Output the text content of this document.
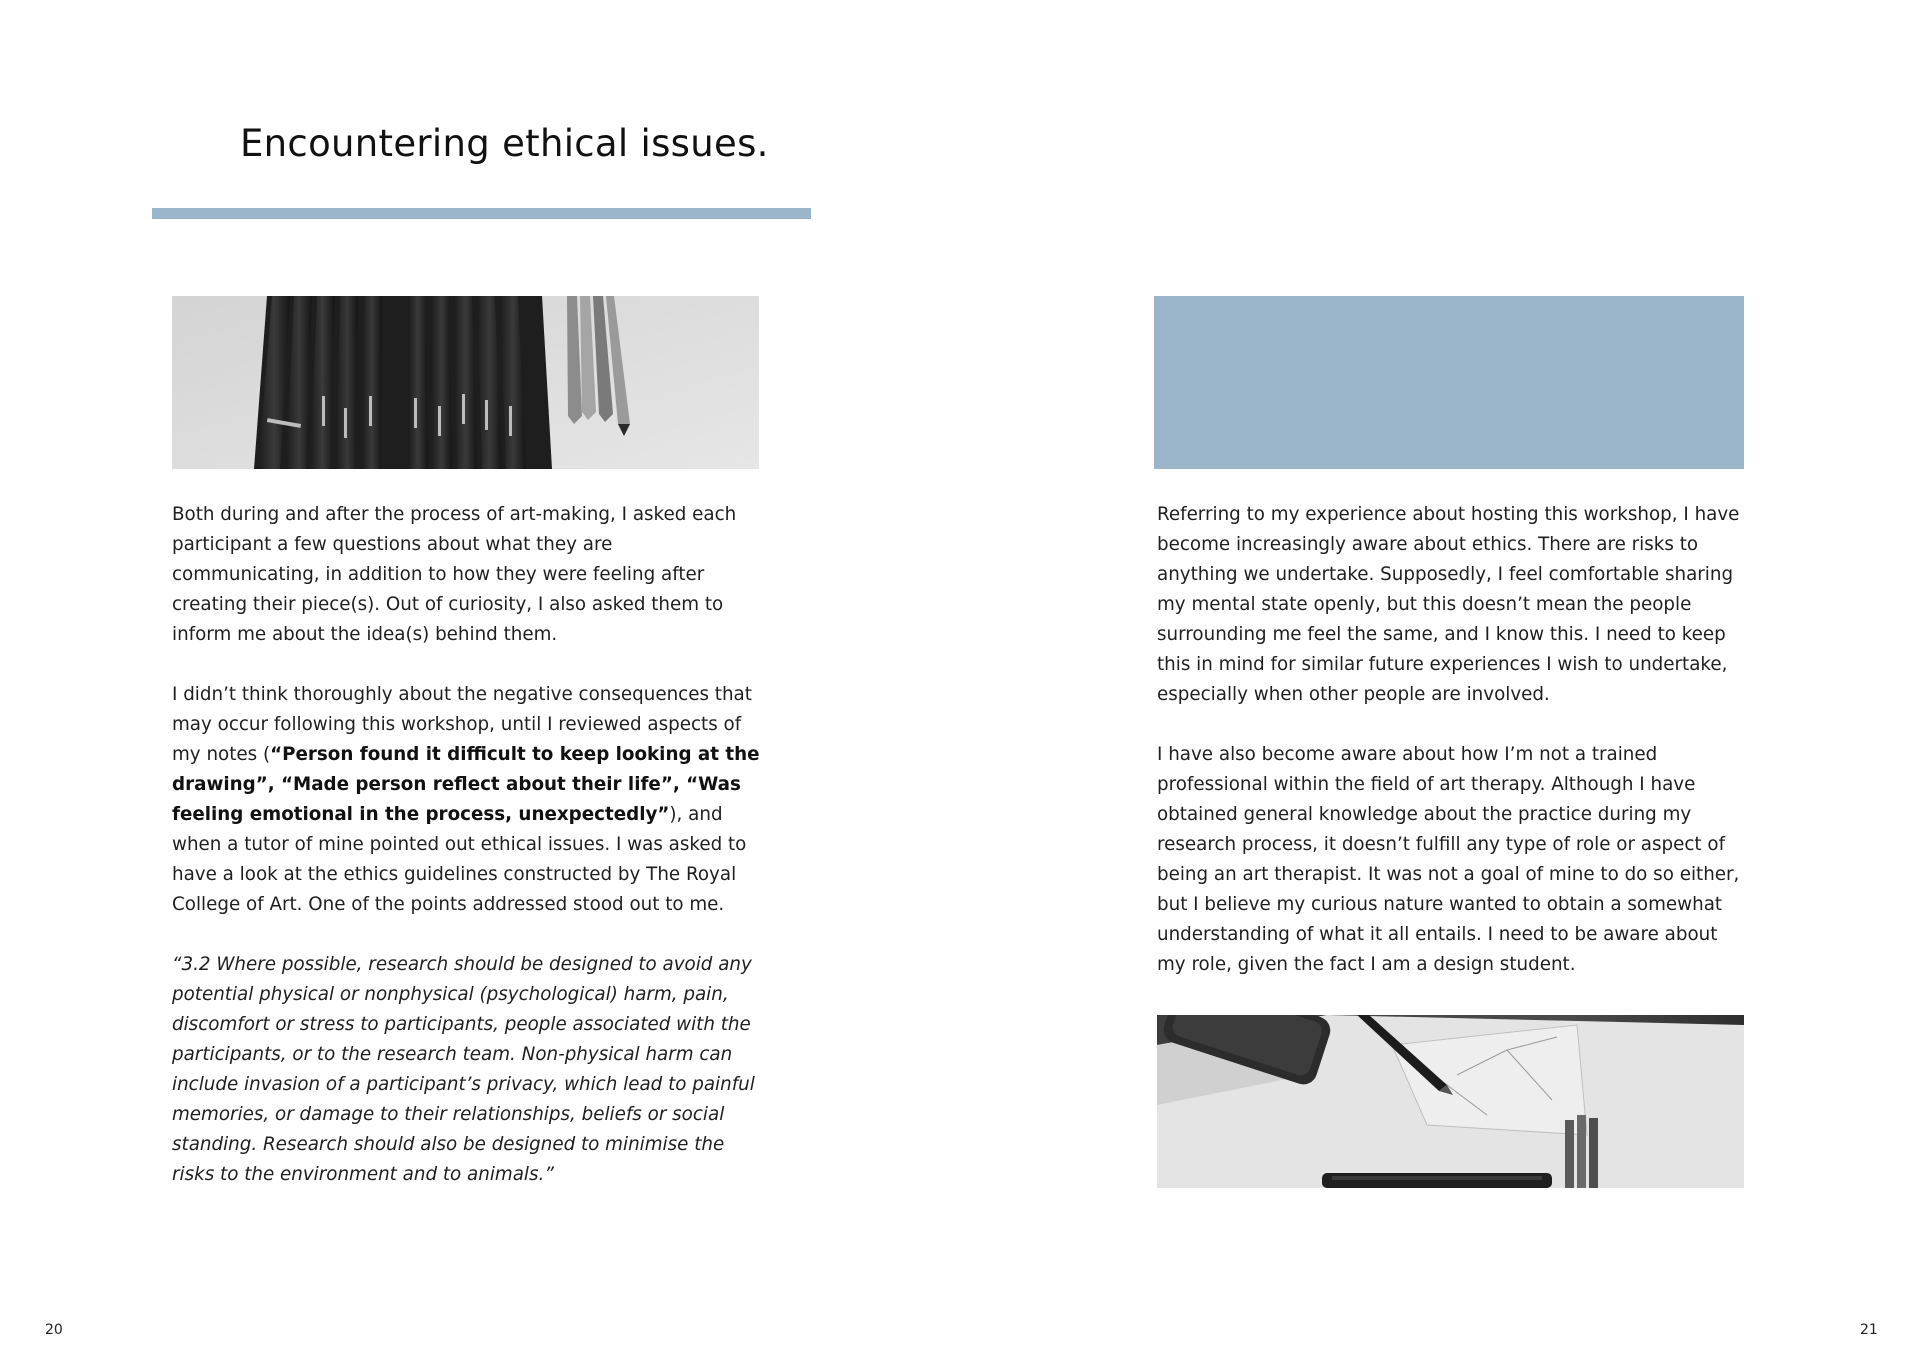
Encountering ethical issues.

Both during and after the process of art-making, I asked each participant a few questions about what they are communicating, in addition to how they were feeling after creating their piece(s). Out of curiosity, I also asked them to inform me about the idea(s) behind them.

I didn’t think thoroughly about the negative consequences that may occur following this workshop, until I reviewed aspects of my notes (“Person found it difficult to keep looking at the drawing”, “Made person reflect about their life”, “Was feeling emotional in the process, unexpectedly”), and when a tutor of mine pointed out ethical issues. I was asked to have a look at the ethics guidelines constructed by The Royal College of Art. One of the points addressed stood out to me.

“3.2 Where possible, research should be designed to avoid any potential physical or nonphysical (psychological) harm, pain, discomfort or stress to participants, people associated with the participants, or to the research team. Non-physical harm can include invasion of a participant’s privacy, which lead to painful memories, or damage to their relationships, beliefs or social standing. Research should also be designed to minimise the risks to the environment and to animals.”

Referring to my experience about hosting this workshop, I have become increasingly aware about ethics. There are risks to anything we undertake. Supposedly, I feel comfortable sharing my mental state openly, but this doesn’t mean the people surrounding me feel the same, and I know this. I need to keep this in mind for similar future experiences I wish to undertake, especially when other people are involved.

I have also become aware about how I’m not a trained professional within the field of art therapy. Although I have obtained general knowledge about the practice during my research process, it doesn’t fulfill any type of role or aspect of being an art therapist. It was not a goal of mine to do so either, but I believe my curious nature wanted to obtain a somewhat understanding of what it all entails. I need to be aware about my role, given the fact I am a design student.

20	21
